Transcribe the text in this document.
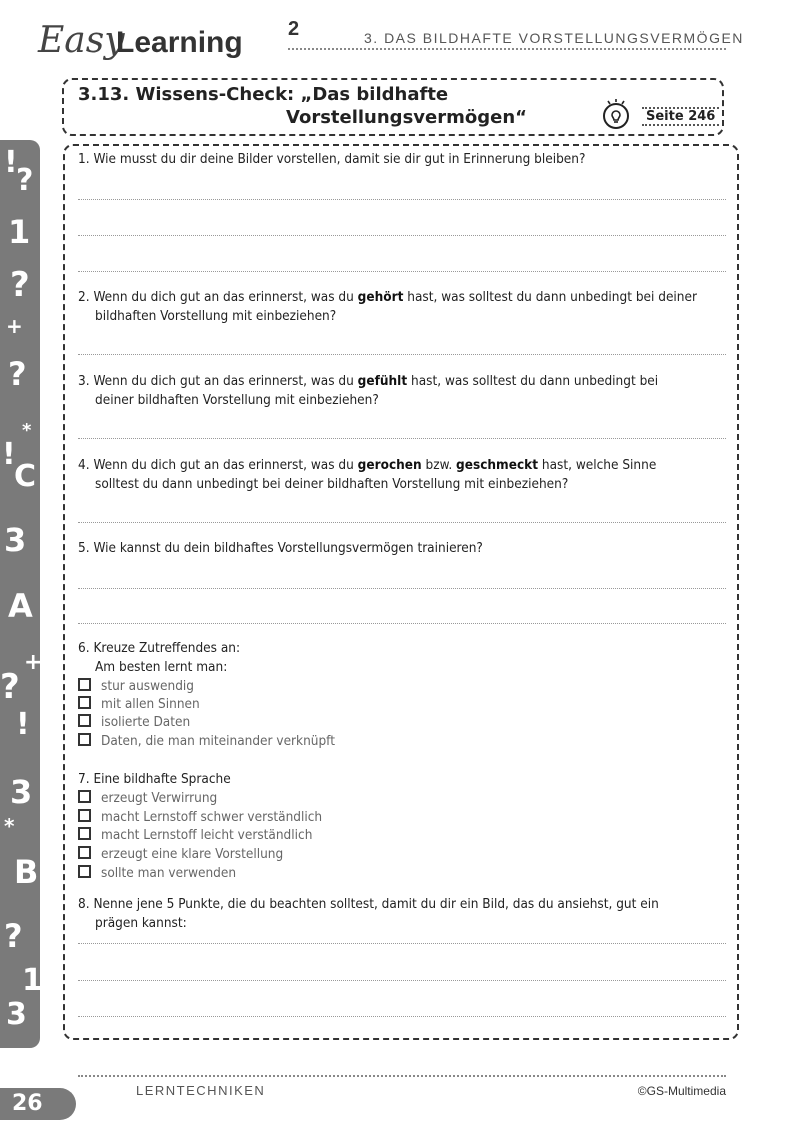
Easy
Learning 2	3. DAS BILDHAFTE VORSTELLUNGSVERMÖGEN
3.13. Wissens-Check: „Das bildhafte
Vorstellungsvermögen“	Seite 246
!
?
1
?
+
?
*
!
C
3
A
+
?
!
3
*
B
?
1
3
1. Wie musst du dir deine Bilder vorstellen, damit sie dir gut in Erinnerung bleiben?
2. Wenn du dich gut an das erinnerst, was du gehört hast, was solltest du dann unbedingt bei deiner
bildhaften Vorstellung mit einbeziehen?
3. Wenn du dich gut an das erinnerst, was du gefühlt hast, was solltest du dann unbedingt bei
deiner bildhaften Vorstellung mit einbeziehen?
4. Wenn du dich gut an das erinnerst, was du gerochen bzw. geschmeckt hast, welche Sinne
solltest du dann unbedingt bei deiner bildhaften Vorstellung mit einbeziehen?
5. Wie kannst du dein bildhaftes Vorstellungsvermögen trainieren?
6. Kreuze Zutreffendes an:
Am besten lernt man:
stur auswendig
mit allen Sinnen
isolierte Daten
Daten, die man miteinander verknüpft
7. Eine bildhafte Sprache
erzeugt Verwirrung
macht Lernstoff schwer verständlich
macht Lernstoff leicht verständlich
erzeugt eine klare Vorstellung
sollte man verwenden
8. Nenne jene 5 Punkte, die du beachten solltest, damit du dir ein Bild, das du ansiehst, gut ein
prägen kannst:
26
LERNTECHNIKEN	©GS-Multimedia
